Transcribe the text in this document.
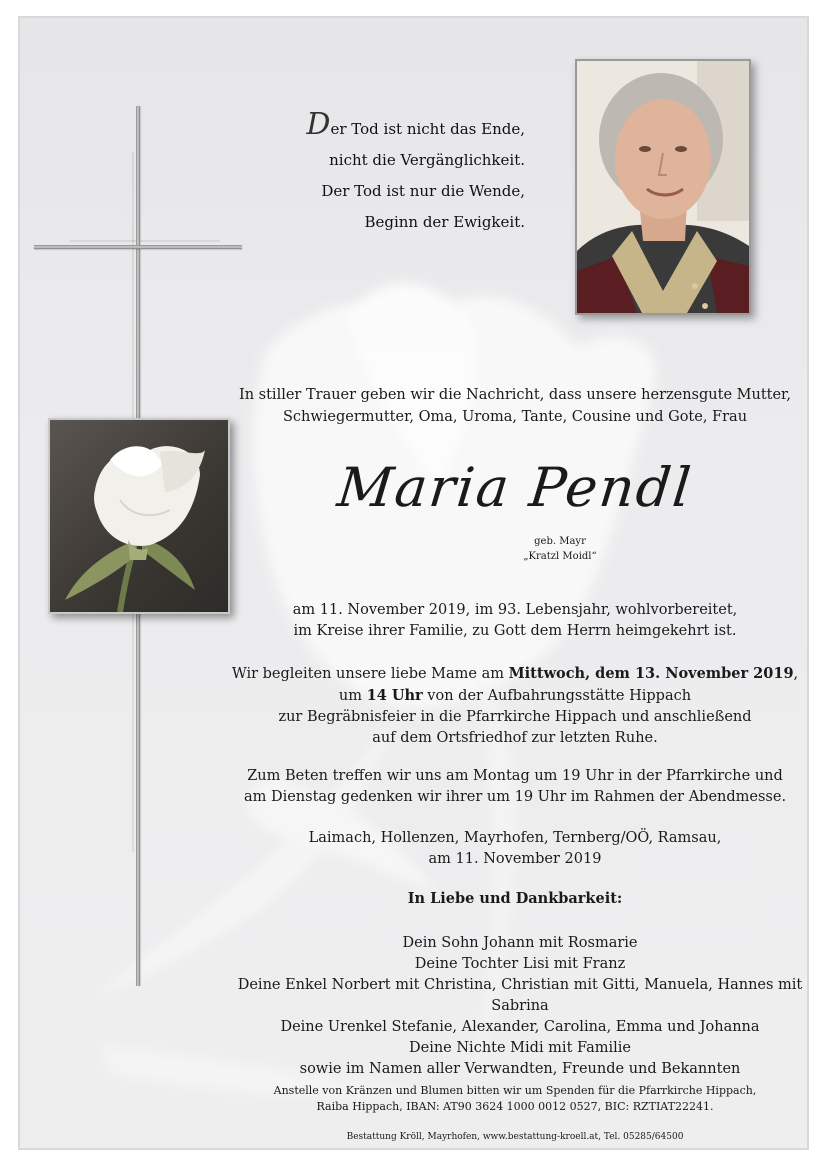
Der Tod ist nicht das Ende,
nicht die Vergänglichkeit.
Der Tod ist nur die Wende,
Beginn der Ewigkeit.
In stiller Trauer geben wir die Nachricht, dass unsere herzensgute Mutter,
Schwiegermutter, Oma, Uroma, Tante, Cousine und Gote, Frau
Maria Pendl
geb. Mayr
„Kratzl Moidl“
am 11. November 2019, im 93. Lebensjahr, wohlvorbereitet,
im Kreise ihrer Familie, zu Gott dem Herrn heimgekehrt ist.
Wir begleiten unsere liebe Mame am Mittwoch, dem 13. November 2019,
um 14 Uhr von der Aufbahrungsstätte Hippach
zur Begräbnisfeier in die Pfarrkirche Hippach und anschließend
auf dem Ortsfriedhof zur letzten Ruhe.
Zum Beten treffen wir uns am Montag um 19 Uhr in der Pfarrkirche und
am Dienstag gedenken wir ihrer um 19 Uhr im Rahmen der Abendmesse.
Laimach, Hollenzen, Mayrhofen, Ternberg/OÖ, Ramsau,
am 11. November 2019
In Liebe und Dankbarkeit:
Dein Sohn Johann mit Rosmarie
Deine Tochter Lisi mit Franz
Deine Enkel Norbert mit Christina, Christian mit Gitti, Manuela, Hannes mit Sabrina
Deine Urenkel Stefanie, Alexander, Carolina, Emma und Johanna
Deine Nichte Midi mit Familie
sowie im Namen aller Verwandten, Freunde und Bekannten
Anstelle von Kränzen und Blumen bitten wir um Spenden für die Pfarrkirche Hippach,
Raiba Hippach, IBAN: AT90 3624 1000 0012 0527, BIC: RZTIAT22241.
Bestattung Kröll, Mayrhofen, www.bestattung-kroell.at, Tel. 05285/64500
